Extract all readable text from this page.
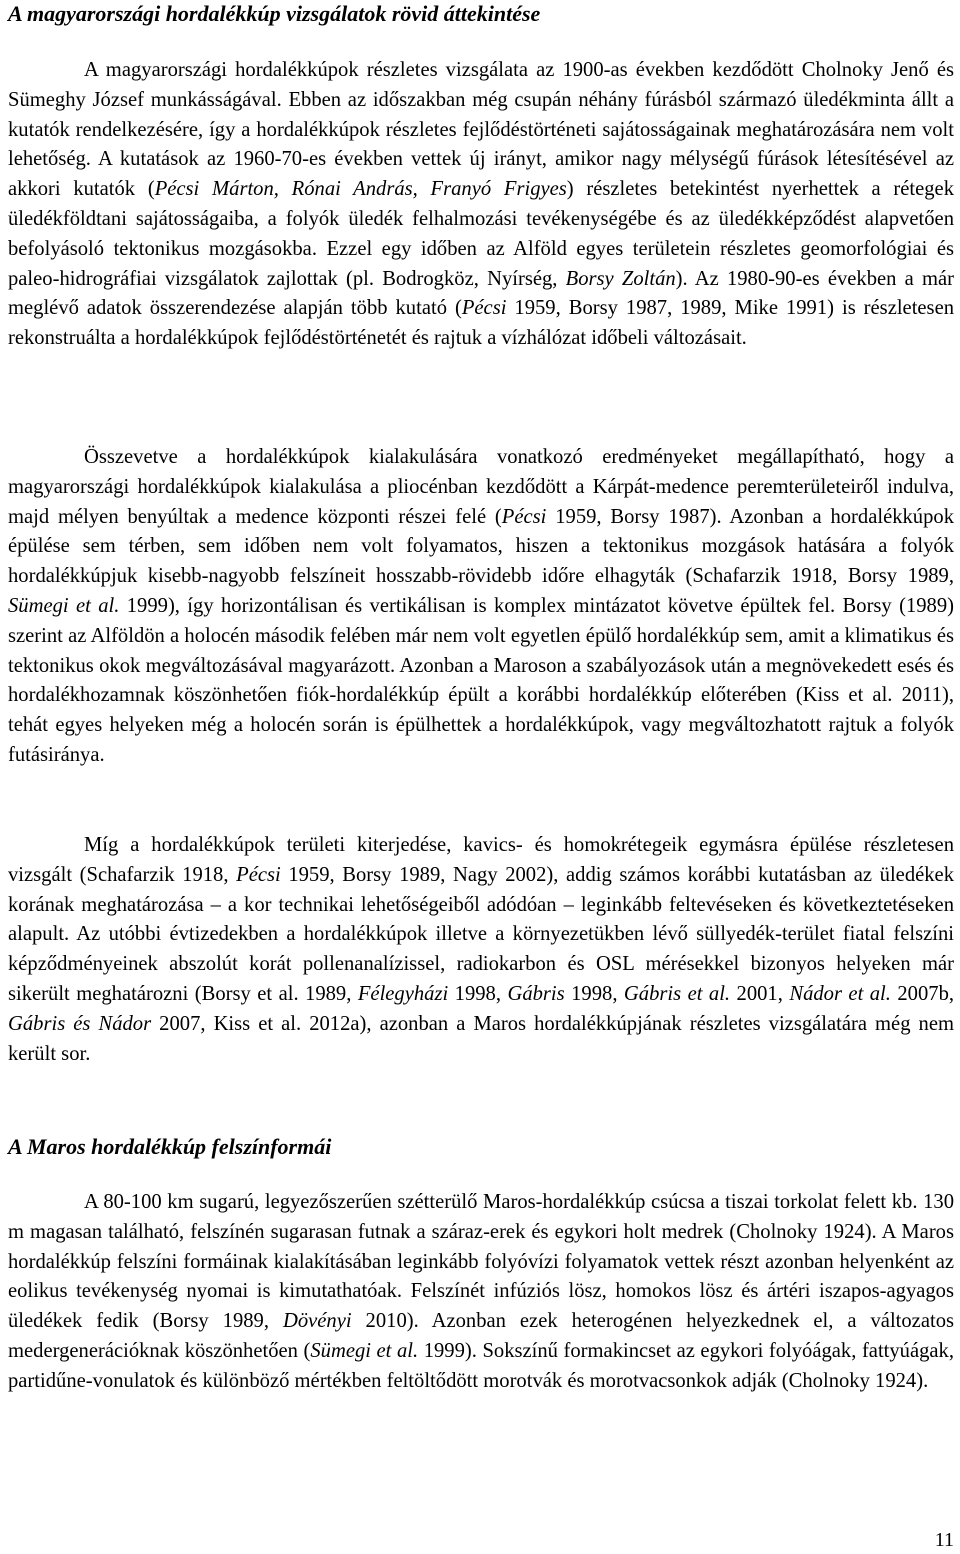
A magyarországi hordalékkúp vizsgálatok rövid áttekintése

A magyarországi hordalékkúpok részletes vizsgálata az 1900-as években kezdődött Cholnoky Jenő és Sümeghy József munkásságával. Ebben az időszakban még csupán néhány fúrásból származó üledékminta állt a kutatók rendelkezésére, így a hordalékkúpok részletes fejlődéstörténeti sajátosságainak meghatározására nem volt lehetőség. A kutatások az 1960-70-es években vettek új irányt, amikor nagy mélységű fúrások létesítésével az akkori kutatók (Pécsi Márton, Rónai András, Franyó Frigyes) részletes betekintést nyerhettek a rétegek üledékföldtani sajátosságaiba, a folyók üledék felhalmozási tevékenységébe és az üledékképződést alapvetően befolyásoló tektonikus mozgásokba. Ezzel egy időben az Alföld egyes területein részletes geomorfológiai és paleo-hidrográfiai vizsgálatok zajlottak (pl. Bodrogköz, Nyírség, Borsy Zoltán). Az 1980-90-es években a már meglévő adatok összerendezése alapján több kutató (Pécsi 1959, Borsy 1987, 1989, Mike 1991) is részletesen rekonstruálta a hordalékkúpok fejlődéstörténetét és rajtuk a vízhálózat időbeli változásait.

Összevetve a hordalékkúpok kialakulására vonatkozó eredményeket megállapítható, hogy a magyarországi hordalékkúpok kialakulása a pliocénban kezdődött a Kárpát-medence peremterületeiről indulva, majd mélyen benyúltak a medence központi részei felé (Pécsi 1959, Borsy 1987). Azonban a hordalékkúpok épülése sem térben, sem időben nem volt folyamatos, hiszen a tektonikus mozgások hatására a folyók hordalékkúpjuk kisebb-nagyobb felszíneit hosszabb-rövidebb időre elhagyták (Schafarzik 1918, Borsy 1989, Sümegi et al. 1999), így horizontálisan és vertikálisan is komplex mintázatot követve épültek fel. Borsy (1989) szerint az Alföldön a holocén második felében már nem volt egyetlen épülő hordalékkúp sem, amit a klimatikus és tektonikus okok megváltozásával magyarázott. Azonban a Maroson a szabályozások után a megnövekedett esés és hordalékhozamnak köszönhetően fiók-hordalékkúp épült a korábbi hordalékkúp előterében (Kiss et al. 2011), tehát egyes helyeken még a holocén során is épülhettek a hordalékkúpok, vagy megváltozhatott rajtuk a folyók futásiránya.

Míg a hordalékkúpok területi kiterjedése, kavics- és homokrétegeik egymásra épülése részletesen vizsgált (Schafarzik 1918, Pécsi 1959, Borsy 1989, Nagy 2002), addig számos korábbi kutatásban az üledékek korának meghatározása – a kor technikai lehetőségeiből adódóan – leginkább feltevéseken és következtetéseken alapult. Az utóbbi évtizedekben a hordalékkúpok illetve a környezetükben lévő süllyedék-terület fiatal felszíni képződményeinek abszolút korát pollenanalízissel, radiokarbon és OSL mérésekkel bizonyos helyeken már sikerült meghatározni (Borsy et al. 1989, Félegyházi 1998, Gábris 1998, Gábris et al. 2001, Nádor et al. 2007b, Gábris és Nádor 2007, Kiss et al. 2012a), azonban a Maros hordalékkúpjának részletes vizsgálatára még nem került sor.

A Maros hordalékkúp felszínformái

A 80-100 km sugarú, legyezőszerűen szétterülő Maros-hordalékkúp csúcsa a tiszai torkolat felett kb. 130 m magasan található, felszínén sugarasan futnak a száraz-erek és egykori holt medrek (Cholnoky 1924). A Maros hordalékkúp felszíni formáinak kialakításában leginkább folyóvízi folyamatok vettek részt azonban helyenként az eolikus tevékenység nyomai is kimutathatóak. Felszínét infúziós lösz, homokos lösz és ártéri iszapos-agyagos üledékek fedik (Borsy 1989, Dövényi 2010). Azonban ezek heterogénen helyezkednek el, a változatos medergenerációknak köszönhetően (Sümegi et al. 1999). Sokszínű formakincset az egykori folyóágak, fattyúágak, partidűne-vonulatok és különböző mértékben feltöltődött morotvák és morotvacsonkok adják (Cholnoky 1924).

11
